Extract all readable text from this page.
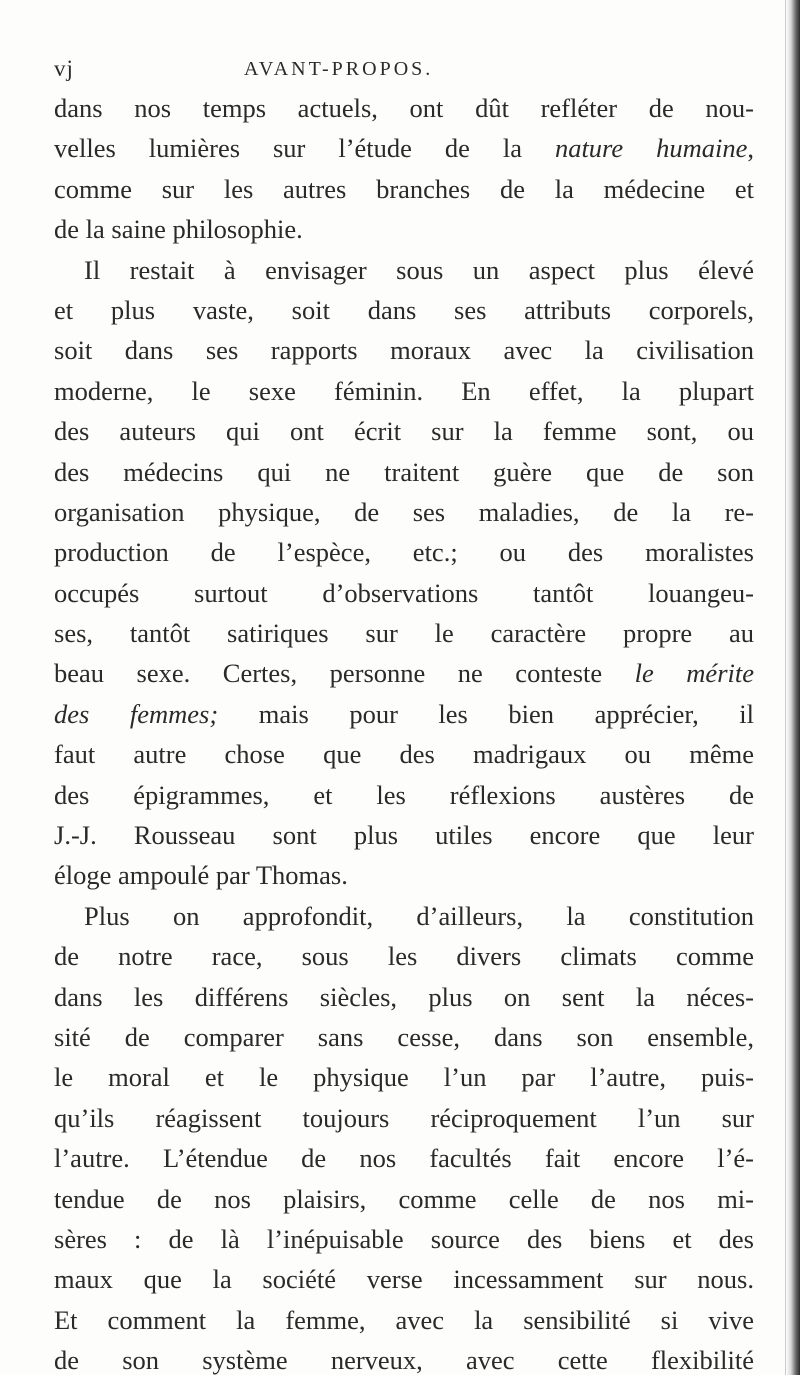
vj	AVANT-PROPOS.
dans nos temps actuels, ont dût refléter de nou-
velles lumières sur l’étude de la nature humaine,
comme sur les autres branches de la médecine et
de la saine philosophie.
Il restait à envisager sous un aspect plus élevé
et plus vaste, soit dans ses attributs corporels,
soit dans ses rapports moraux avec la civilisation
moderne, le sexe féminin. En effet, la plupart
des auteurs qui ont écrit sur la femme sont, ou
des médecins qui ne traitent guère que de son
organisation physique, de ses maladies, de la re-
production de l’espèce, etc.; ou des moralistes
occupés surtout d’observations tantôt louangeu-
ses, tantôt satiriques sur le caractère propre au
beau sexe. Certes, personne ne conteste le mérite
des femmes; mais pour les bien apprécier, il
faut autre chose que des madrigaux ou même
des épigrammes, et les réflexions austères de
J.-J. Rousseau sont plus utiles encore que leur
éloge ampoulé par Thomas.
Plus on approfondit, d’ailleurs, la constitution
de notre race, sous les divers climats comme
dans les différens siècles, plus on sent la néces-
sité de comparer sans cesse, dans son ensemble,
le moral et le physique l’un par l’autre, puis-
qu’ils réagissent toujours réciproquement l’un sur
l’autre. L’étendue de nos facultés fait encore l’é-
tendue de nos plaisirs, comme celle de nos mi-
sères : de là l’inépuisable source des biens et des
maux que la société verse incessamment sur nous.
Et comment la femme, avec la sensibilité si vive
de son système nerveux, avec cette flexibilité
